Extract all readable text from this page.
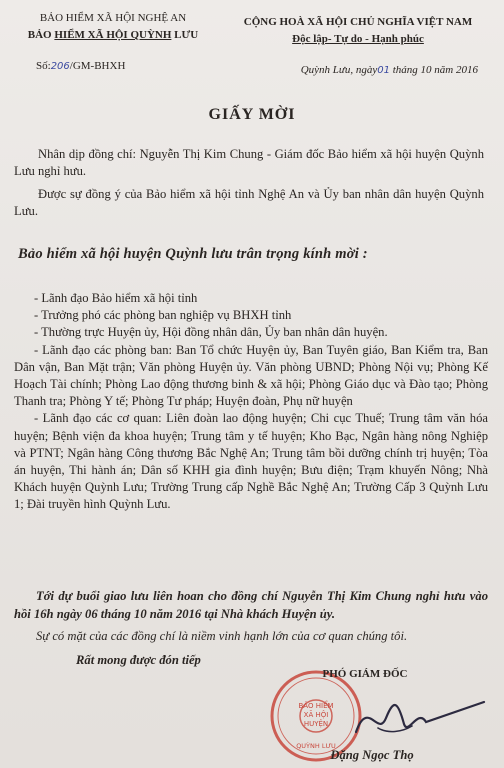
BẢO HIỂM XÃ HỘI NGHỆ AN
BẢO HIỂM XÃ HỘI QUỲNH LƯU
Số:206/GM-BHXH
CỘNG HOÀ XÃ HỘI CHỦ NGHĨA VIỆT NAM
Độc lập- Tự do - Hạnh phúc
Quỳnh Lưu, ngày01 tháng 10 năm 2016
GIẤY MỜI
Nhân dịp đồng chí: Nguyễn Thị Kim Chung - Giám đốc Bảo hiểm xã hội huyện Quỳnh Lưu nghỉ hưu.
Được sự đồng ý của Bảo hiểm xã hội tỉnh Nghệ An và Ủy ban nhân dân huyện Quỳnh Lưu.
Bảo hiểm xã hội huyện Quỳnh lưu trân trọng kính mời :

- Lãnh đạo Bảo hiểm xã hội tỉnh

- Trưởng phó các phòng ban nghiệp vụ BHXH tỉnh

- Thường trực Huyện ủy, Hội đồng nhân dân, Ủy ban nhân dân huyện.

- Lãnh đạo các phòng ban: Ban Tổ chức Huyện ủy, Ban Tuyên giáo, Ban Kiểm tra, Ban Dân vận, Ban Mặt trận; Văn phòng Huyện ủy. Văn phòng UBND; Phòng Nội vụ; Phòng Kế Hoạch Tài chính; Phòng Lao động thương binh & xã hội; Phòng Giáo dục và Đào tạo; Phòng Thanh tra; Phòng Y tế; Phòng Tư pháp; Huyện đoàn, Phụ nữ huyện

- Lãnh đạo các cơ quan: Liên đoàn lao động huyện; Chi cục Thuế; Trung tâm văn hóa huyện; Bệnh viện đa khoa huyện; Trung tâm y tế huyện; Kho Bạc, Ngân hàng nông Nghiệp và PTNT; Ngân hàng Công thương Bắc Nghệ An; Trung tâm bồi dưỡng chính trị huyện; Tòa án huyện, Thi hành án; Dân số KHH gia đình huyện; Bưu điện; Trạm khuyến Nông; Nhà Khách huyện Quỳnh Lưu; Trường Trung cấp Nghề Bắc Nghệ An; Trường Cấp 3 Quỳnh Lưu 1; Đài truyền hình Quỳnh Lưu.

Tới dự buổi giao lưu liên hoan cho đồng chí Nguyễn Thị Kim Chung nghỉ hưu vào hồi 16h ngày 06 tháng 10 năm 2016 tại Nhà khách Huyện ủy.
Sự có mặt của các đồng chí là niềm vinh hạnh lớn của cơ quan chúng tôi.
Rất mong được đón tiếp
BẢO HIỂM
XÃ HỘI
HUYỆN
QUỲNH LƯU
PHÓ GIÁM ĐỐC
Đặng Ngọc Thọ
